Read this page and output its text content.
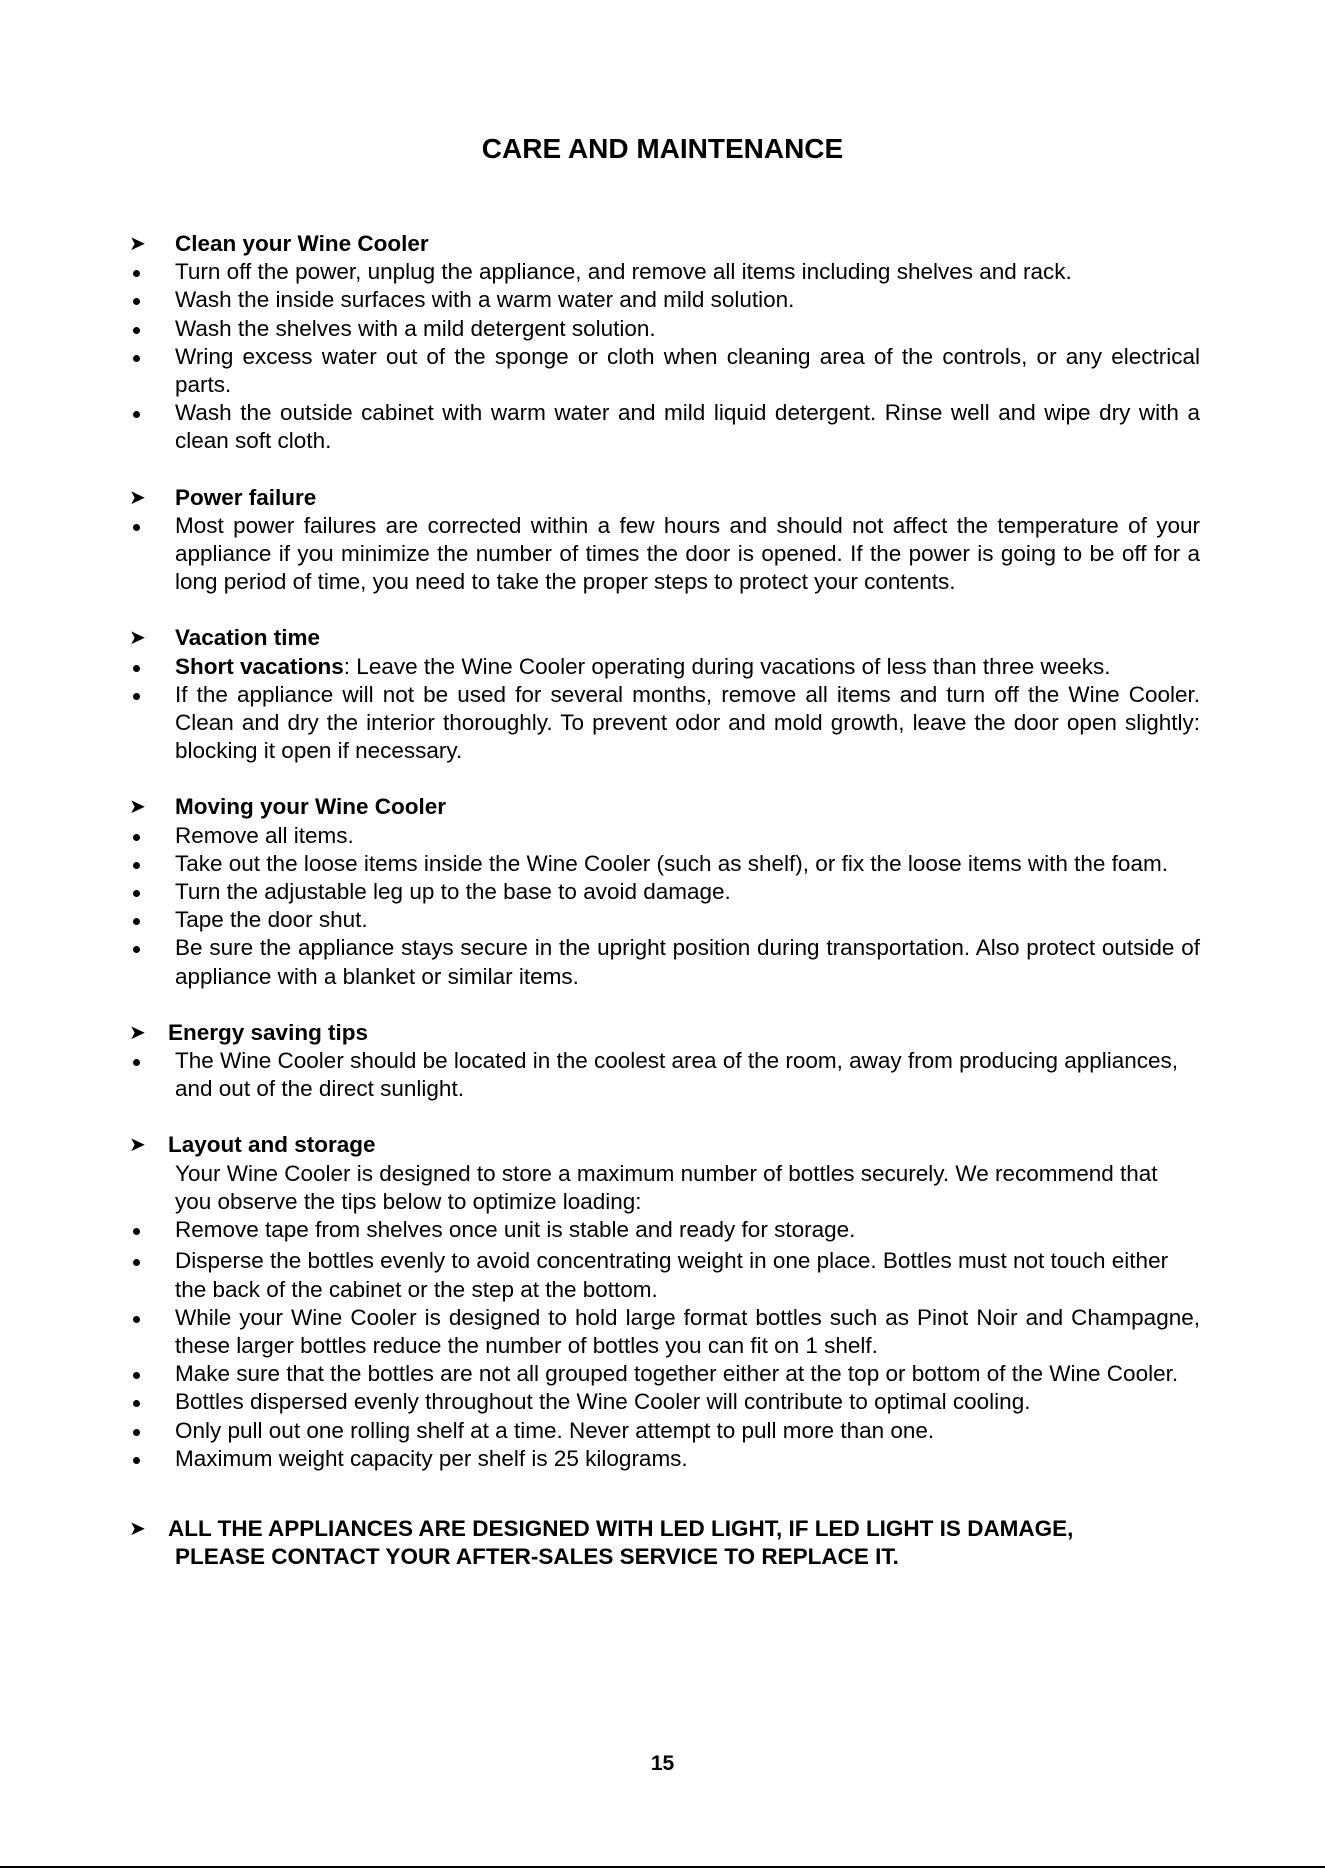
CARE AND MAINTENANCE
➤ Clean your Wine Cooler
Turn off the power, unplug the appliance, and remove all items including shelves and rack.
Wash the inside surfaces with a warm water and mild solution.
Wash the shelves with a mild detergent solution.
Wring excess water out of the sponge or cloth when cleaning area of the controls, or any electrical parts.
Wash the outside cabinet with warm water and mild liquid detergent. Rinse well and wipe dry with a clean soft cloth.
➤ Power failure
Most power failures are corrected within a few hours and should not affect the temperature of your appliance if you minimize the number of times the door is opened. If the power is going to be off for a long period of time, you need to take the proper steps to protect your contents.
➤ Vacation time
Short vacations: Leave the Wine Cooler operating during vacations of less than three weeks.
If the appliance will not be used for several months, remove all items and turn off the Wine Cooler. Clean and dry the interior thoroughly. To prevent odor and mold growth, leave the door open slightly: blocking it open if necessary.
➤ Moving your Wine Cooler
Remove all items.
Take out the loose items inside the Wine Cooler (such as shelf), or fix the loose items with the foam.
Turn the adjustable leg up to the base to avoid damage.
Tape the door shut.
Be sure the appliance stays secure in the upright position during transportation. Also protect outside of appliance with a blanket or similar items.
➤ Energy saving tips
The Wine Cooler should be located in the coolest area of the room, away from producing appliances, and out of the direct sunlight.
➤ Layout and storage
Your Wine Cooler is designed to store a maximum number of bottles securely. We recommend that you observe the tips below to optimize loading:
Remove tape from shelves once unit is stable and ready for storage.
Disperse the bottles evenly to avoid concentrating weight in one place. Bottles must not touch either the back of the cabinet or the step at the bottom.
While your Wine Cooler is designed to hold large format bottles such as Pinot Noir and Champagne, these larger bottles reduce the number of bottles you can fit on 1 shelf.
Make sure that the bottles are not all grouped together either at the top or bottom of the Wine Cooler.
Bottles dispersed evenly throughout the Wine Cooler will contribute to optimal cooling.
Only pull out one rolling shelf at a time. Never attempt to pull more than one.
Maximum weight capacity per shelf is 25 kilograms.
➤ ALL THE APPLIANCES ARE DESIGNED WITH LED LIGHT, IF LED LIGHT IS DAMAGE,
PLEASE CONTACT YOUR AFTER-SALES SERVICE TO REPLACE IT.
15
